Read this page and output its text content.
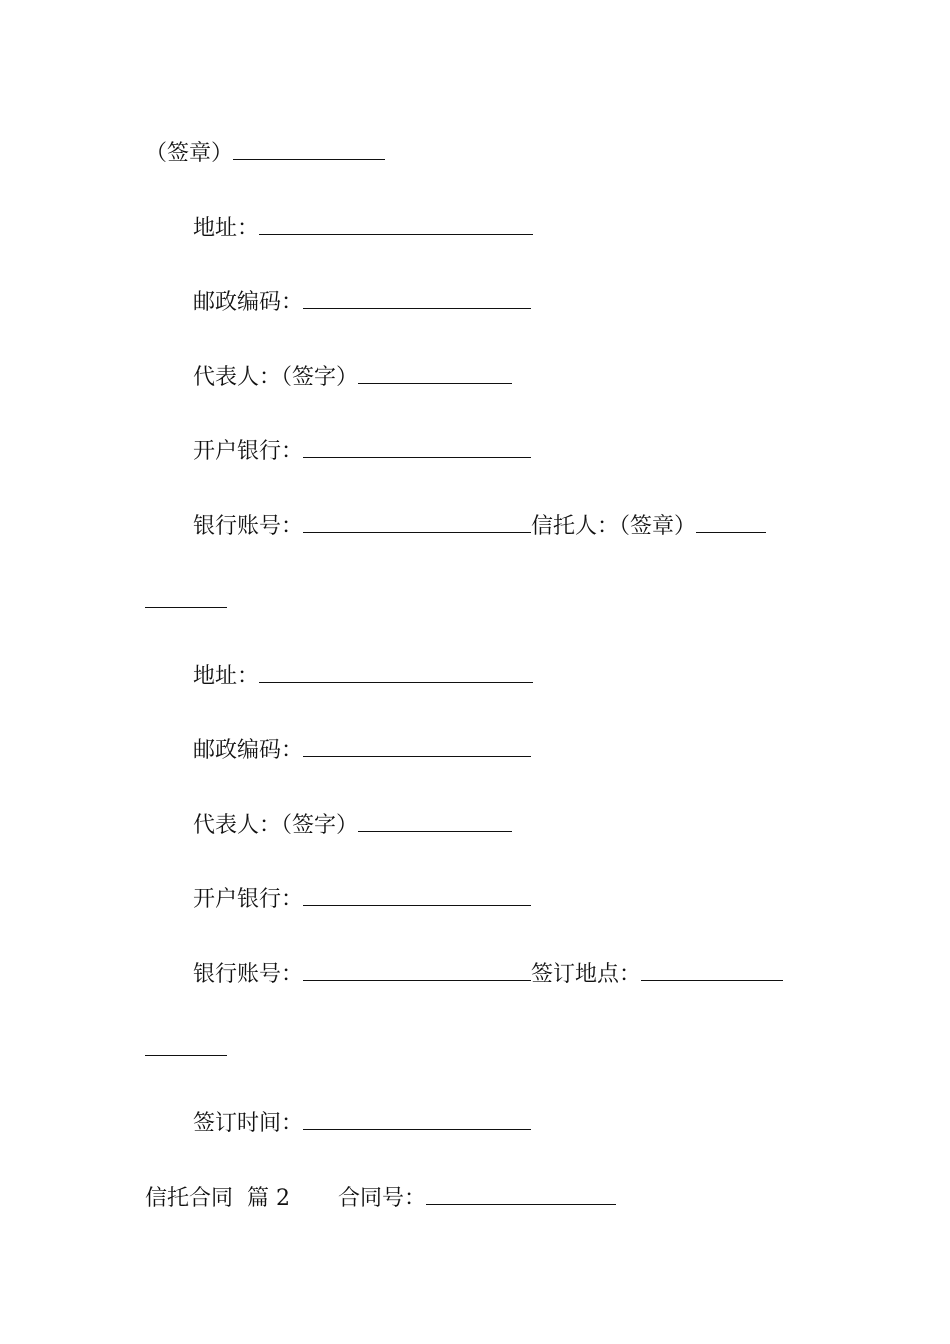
（签章）
地址：
邮政编码：
代表人：（签字）
开户银行：
银行账号：	信托人：（签章）
地址：
邮政编码：
代表人：（签字）
开户银行：
银行账号：	签订地点：
签订时间：
信托合同 篇 2 合同号：
